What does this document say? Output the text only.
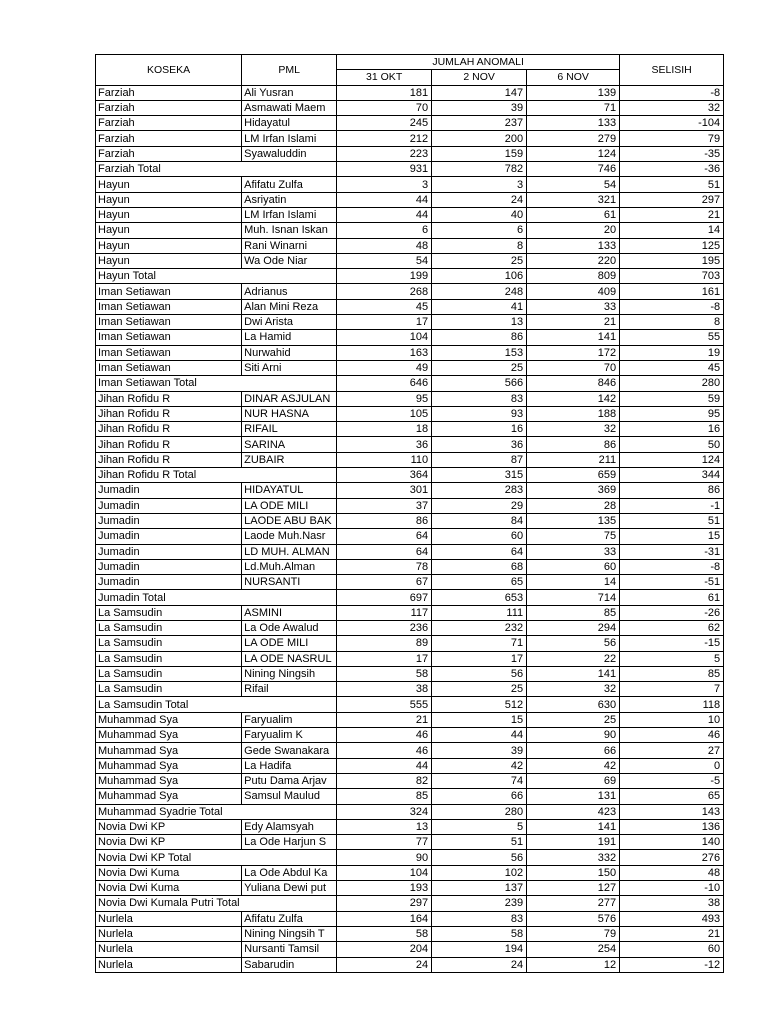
KOSEKA	PML	JUMLAH ANOMALI			SELISIH
		31 OKT	2 NOV	6 NOV	
Farziah	Ali Yusran	181	147	139	-8
Farziah	Asmawati Maem	70	39	71	32
Farziah	Hidayatul	245	237	133	-104
Farziah	LM Irfan Islami	212	200	279	79
Farziah	Syawaluddin	223	159	124	-35
Farziah Total		931	782	746	-36
Hayun	Afifatu Zulfa	3	3	54	51
Hayun	Asriyatin	44	24	321	297
Hayun	LM Irfan Islami	44	40	61	21
Hayun	Muh. Isnan Iskan	6	6	20	14
Hayun	Rani Winarni	48	8	133	125
Hayun	Wa Ode Niar	54	25	220	195
Hayun Total		199	106	809	703
Iman Setiawan	Adrianus	268	248	409	161
Iman Setiawan	Alan Mini Reza	45	41	33	-8
Iman Setiawan	Dwi Arista	17	13	21	8
Iman Setiawan	La Hamid	104	86	141	55
Iman Setiawan	Nurwahid	163	153	172	19
Iman Setiawan	Siti Arni	49	25	70	45
Iman Setiawan Total		646	566	846	280
Jihan Rofidu R	DINAR ASJULAN	95	83	142	59
Jihan Rofidu R	NUR HASNA	105	93	188	95
Jihan Rofidu R	RIFAIL	18	16	32	16
Jihan Rofidu R	SARINA	36	36	86	50
Jihan Rofidu R	ZUBAIR	110	87	211	124
Jihan Rofidu R Total		364	315	659	344
Jumadin	HIDAYATUL	301	283	369	86
Jumadin	LA ODE MILI	37	29	28	-1
Jumadin	LAODE ABU BAK	86	84	135	51
Jumadin	Laode Muh.Nasr	64	60	75	15
Jumadin	LD MUH. ALMAN	64	64	33	-31
Jumadin	Ld.Muh.Alman	78	68	60	-8
Jumadin	NURSANTI	67	65	14	-51
Jumadin Total		697	653	714	61
La Samsudin	ASMINI	117	111	85	-26
La Samsudin	La Ode Awalud	236	232	294	62
La Samsudin	LA ODE MILI	89	71	56	-15
La Samsudin	LA ODE NASRUL	17	17	22	5
La Samsudin	Nining Ningsih	58	56	141	85
La Samsudin	Rifail	38	25	32	7
La Samsudin Total		555	512	630	118
Muhammad Sya	Faryualim	21	15	25	10
Muhammad Sya	Faryualim K	46	44	90	46
Muhammad Sya	Gede Swanakara	46	39	66	27
Muhammad Sya	La Hadifa	44	42	42	0
Muhammad Sya	Putu Dama Arjav	82	74	69	-5
Muhammad Sya	Samsul Maulud	85	66	131	65
Muhammad Syadrie Total		324	280	423	143
Novia Dwi KP	Edy Alamsyah	13	5	141	136
Novia Dwi KP	La Ode Harjun S	77	51	191	140
Novia Dwi KP Total		90	56	332	276
Novia Dwi Kuma	La Ode Abdul Ka	104	102	150	48
Novia Dwi Kuma	Yuliana Dewi put	193	137	127	-10
Novia Dwi Kumala Putri Total		297	239	277	38
Nurlela	Afifatu Zulfa	164	83	576	493
Nurlela	Nining Ningsih T	58	58	79	21
Nurlela	Nursanti Tamsil	204	194	254	60
Nurlela	Sabarudin	24	24	12	-12
